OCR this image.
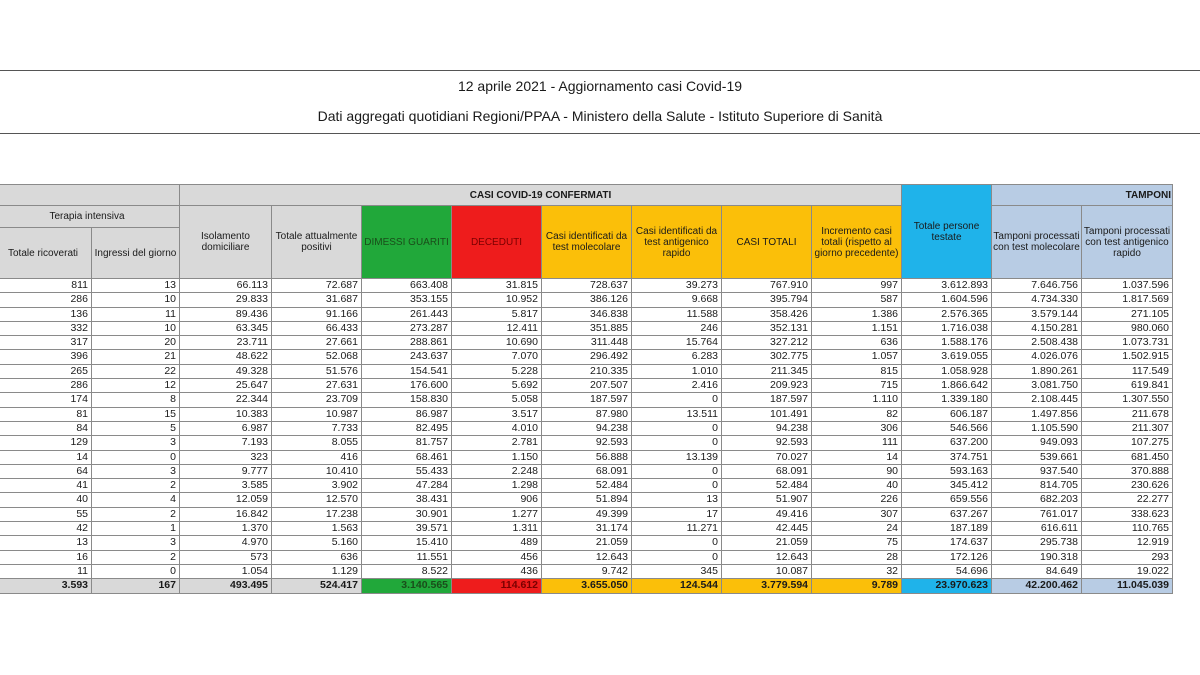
12 aprile 2021 - Aggiornamento casi Covid-19
Dati aggregati quotidiani Regioni/PPAA - Ministero della Salute - Istituto Superiore di Sanità
		CASI COVID-19 CONFERMATI								Totale persone testate	TAMPONI	
Terapia intensiva		Isolamento domiciliare	Totale attualmente positivi	DIMESSI GUARITI	DECEDUTI	Casi identificati da test molecolare	Casi identificati da test antigenico rapido	CASI TOTALI	Incremento casi totali (rispetto al giorno precedente)		Tamponi processati con test molecolare	Tamponi processati con test antigenico rapido
Totale ricoverati	Ingressi del giorno											
811	13	66.113	72.687	663.408	31.815	728.637	39.273	767.910	997	3.612.893	7.646.756	1.037.596
286	10	29.833	31.687	353.155	10.952	386.126	9.668	395.794	587	1.604.596	4.734.330	1.817.569
136	11	89.436	91.166	261.443	5.817	346.838	11.588	358.426	1.386	2.576.365	3.579.144	271.105
332	10	63.345	66.433	273.287	12.411	351.885	246	352.131	1.151	1.716.038	4.150.281	980.060
317	20	23.711	27.661	288.861	10.690	311.448	15.764	327.212	636	1.588.176	2.508.438	1.073.731
396	21	48.622	52.068	243.637	7.070	296.492	6.283	302.775	1.057	3.619.055	4.026.076	1.502.915
265	22	49.328	51.576	154.541	5.228	210.335	1.010	211.345	815	1.058.928	1.890.261	117.549
286	12	25.647	27.631	176.600	5.692	207.507	2.416	209.923	715	1.866.642	3.081.750	619.841
174	8	22.344	23.709	158.830	5.058	187.597	0	187.597	1.110	1.339.180	2.108.445	1.307.550
81	15	10.383	10.987	86.987	3.517	87.980	13.511	101.491	82	606.187	1.497.856	211.678
84	5	6.987	7.733	82.495	4.010	94.238	0	94.238	306	546.566	1.105.590	211.307
129	3	7.193	8.055	81.757	2.781	92.593	0	92.593	111	637.200	949.093	107.275
14	0	323	416	68.461	1.150	56.888	13.139	70.027	14	374.751	539.661	681.450
64	3	9.777	10.410	55.433	2.248	68.091	0	68.091	90	593.163	937.540	370.888
41	2	3.585	3.902	47.284	1.298	52.484	0	52.484	40	345.412	814.705	230.626
40	4	12.059	12.570	38.431	906	51.894	13	51.907	226	659.556	682.203	22.277
55	2	16.842	17.238	30.901	1.277	49.399	17	49.416	307	637.267	761.017	338.623
42	1	1.370	1.563	39.571	1.311	31.174	11.271	42.445	24	187.189	616.611	110.765
13	3	4.970	5.160	15.410	489	21.059	0	21.059	75	174.637	295.738	12.919
16	2	573	636	11.551	456	12.643	0	12.643	28	172.126	190.318	293
11	0	1.054	1.129	8.522	436	9.742	345	10.087	32	54.696	84.649	19.022
3.593	167	493.495	524.417	3.140.565	114.612	3.655.050	124.544	3.779.594	9.789	23.970.623	42.200.462	11.045.039
